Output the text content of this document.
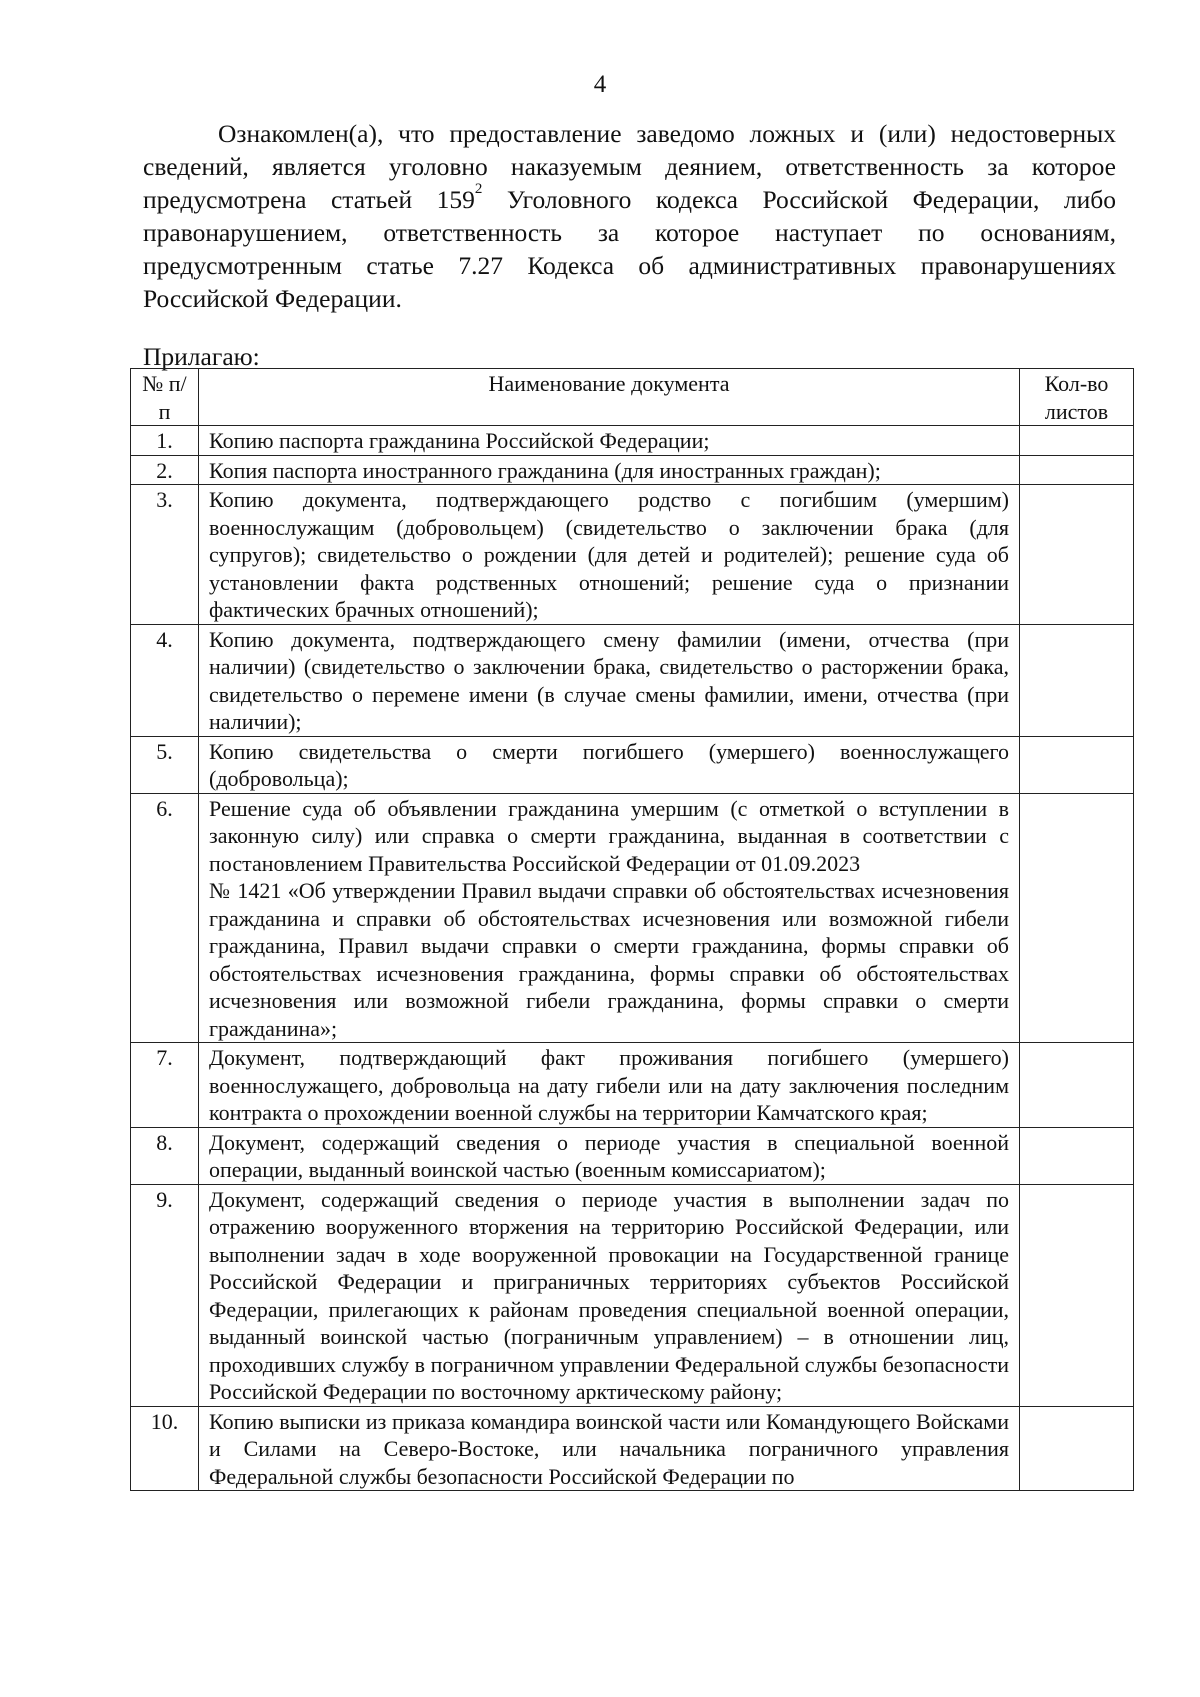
4

Ознакомлен(а), что предоставление заведомо ложных и (или) недостоверных сведений, является уголовно наказуемым деянием, ответственность за которое предусмотрена статьей $159^2$ Уголовного кодекса Российской Федерации, либо правонарушением, ответственность за которое наступает по основаниям, предусмотренным статье 7.27 Кодекса об административных правонарушениях Российской Федерации.

Прилагаю:
№ п/п	Наименование документа	Кол-во листов
1.	Копию паспорта гражданина Российской Федерации;	
2.	Копия паспорта иностранного гражданина (для иностранных граждан);	
3.	Копию документа, подтверждающего родство с погибшим (умершим) военнослужащим (добровольцем) (свидетельство о заключении брака (для супругов); свидетельство о рождении (для детей и родителей); решение суда об установлении факта родственных отношений; решение суда о признании фактических брачных отношений);	
4.	Копию документа, подтверждающего смену фамилии (имени, отчества (при наличии) (свидетельство о заключении брака, свидетельство о расторжении брака, свидетельство о перемене имени (в случае смены фамилии, имени, отчества (при наличии);	
5.	Копию свидетельства о смерти погибшего (умершего) военнослужащего (добровольца);	
6.	Решение суда об объявлении гражданина умершим (с отметкой о вступлении в законную силу) или справка о смерти гражданина, выданная в соответствии с постановлением Правительства Российской Федерации от 01.09.2023
№ 1421 «Об утверждении Правил выдачи справки об обстоятельствах исчезновения гражданина и справки об обстоятельствах исчезновения или возможной гибели гражданина, Правил выдачи справки о смерти гражданина, формы справки об обстоятельствах исчезновения гражданина, формы справки об обстоятельствах исчезновения или возможной гибели гражданина, формы справки о смерти гражданина»;	

7.	Документ, подтверждающий факт проживания погибшего (умершего) военнослужащего, добровольца на дату гибели или на дату заключения последним контракта о прохождении военной службы на территории Камчатского края;	
8.	Документ, содержащий сведения о периоде участия в специальной военной операции, выданный воинской частью (военным комиссариатом);	
9.	Документ, содержащий сведения о периоде участия в выполнении задач по отражению вооруженного вторжения на территорию Российской Федерации, или выполнении задач в ходе вооруженной провокации на Государственной границе Российской Федерации и приграничных территориях субъектов Российской Федерации, прилегающих к районам проведения специальной военной операции, выданный воинской частью (пограничным управлением) – в отношении лиц, проходивших службу в пограничном управлении Федеральной службы безопасности Российской Федерации по восточному арктическому району;	
10.	Копию выписки из приказа командира воинской части или Командующего Войсками и Силами на Северо-Востоке, или начальника пограничного управления Федеральной службы безопасности Российской Федерации по	
